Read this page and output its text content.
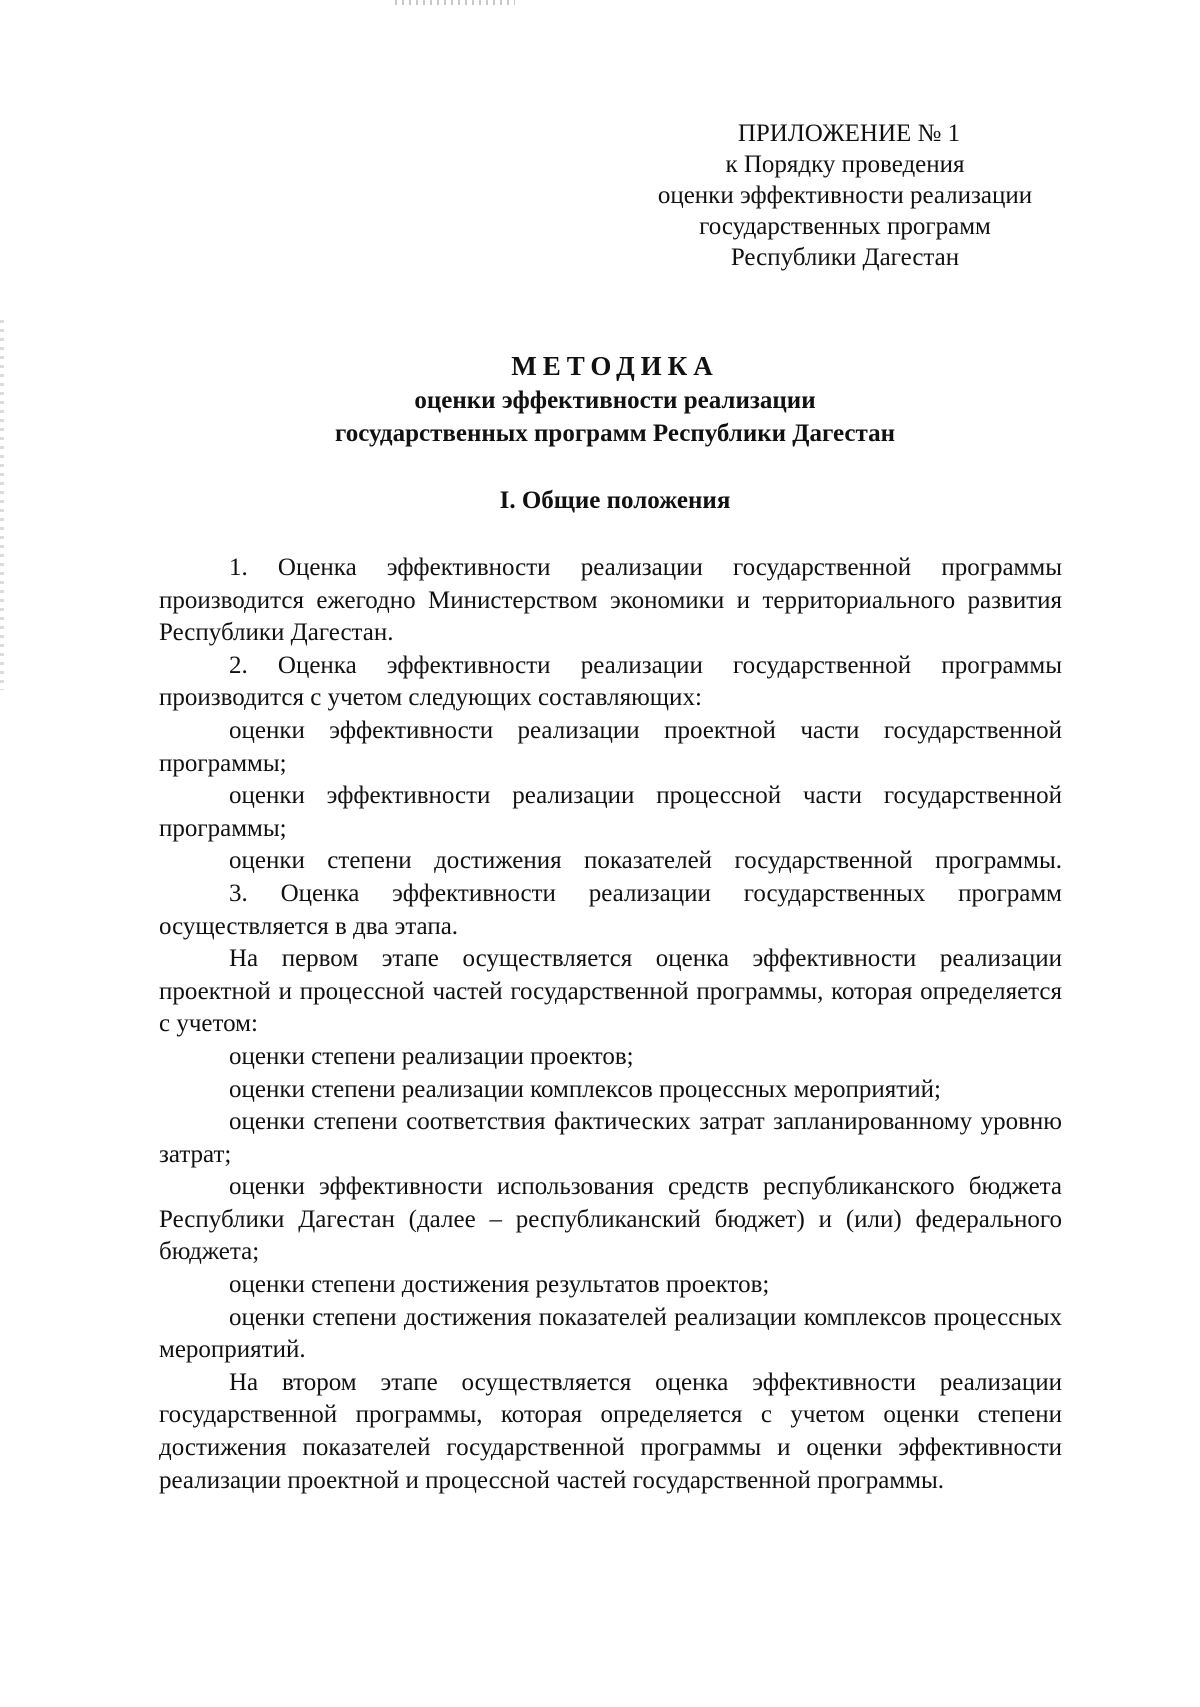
ПРИЛОЖЕНИЕ № 1
к Порядку проведения
оценки эффективности реализации
государственных программ
Республики Дагестан
МЕТОДИКА
оценки эффективности реализации
государственных программ Республики Дагестан
I. Общие положения

1. Оценка эффективности реализации государственной программы производится ежегодно Министерством экономики и территориального развития Республики Дагестан.

2. Оценка эффективности реализации государственной программы производится с учетом следующих составляющих:

оценки эффективности реализации проектной части государственной программы;

оценки эффективности реализации процессной части государственной программы;

оценки степени достижения показателей государственной программы.

3. Оценка эффективности реализации государственных программ осуществляется в два этапа.

На первом этапе осуществляется оценка эффективности реализации проектной и процессной частей государственной программы, которая определяется с учетом:

оценки степени реализации проектов;

оценки степени реализации комплексов процессных мероприятий;

оценки степени соответствия фактических затрат запланированному уровню затрат;

оценки эффективности использования средств республиканского бюджета Республики Дагестан (далее – республиканский бюджет) и (или) федерального бюджета;

оценки степени достижения результатов проектов;

оценки степени достижения показателей реализации комплексов процессных мероприятий.

На втором этапе осуществляется оценка эффективности реализации государственной программы, которая определяется с учетом оценки степени достижения показателей государственной программы и оценки эффективности реализации проектной и процессной частей государственной программы.
